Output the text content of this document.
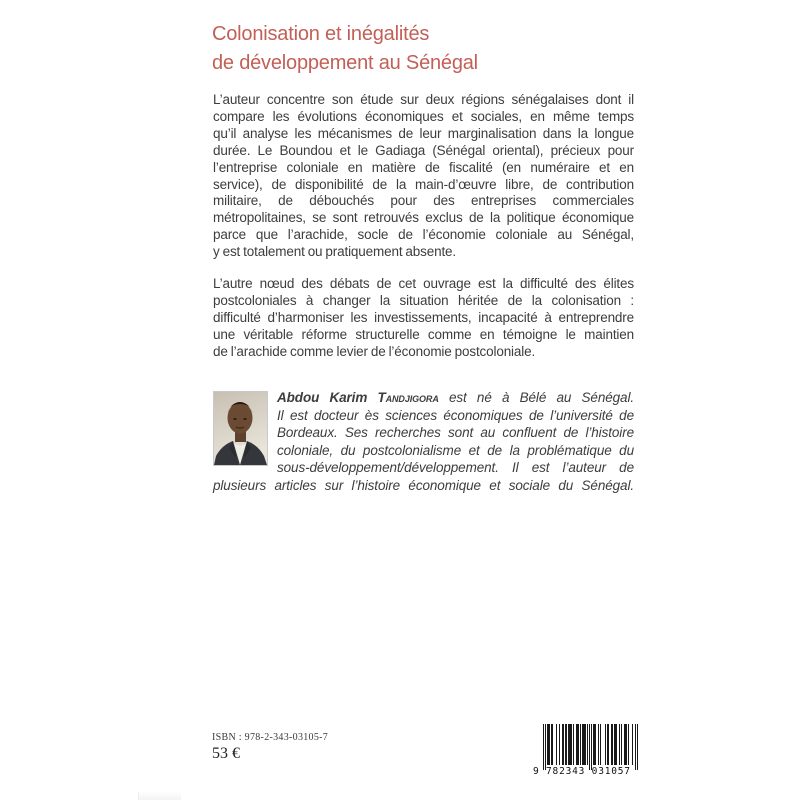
Colonisation et inégalités
de développement au Sénégal
L’auteur concentre son étude sur deux régions sénégalaises dont il
compare les évolutions économiques et sociales, en même temps
qu’il analyse les mécanismes de leur marginalisation dans la longue
durée. Le Boundou et le Gadiaga (Sénégal oriental), précieux pour
l’entreprise coloniale en matière de fiscalité (en numéraire et en
service), de disponibilité de la main-d’œuvre libre, de contribution
militaire, de débouchés pour des entreprises commerciales
métropolitaines, se sont retrouvés exclus de la politique économique
parce que l’arachide, socle de l’économie coloniale au Sénégal,
y est totalement ou pratiquement absente.
L’autre nœud des débats de cet ouvrage est la difficulté des élites
postcoloniales à changer la situation héritée de la colonisation :
difficulté d’harmoniser les investissements, incapacité à entreprendre
une véritable réforme structurelle comme en témoigne le maintien
de l’arachide comme levier de l’économie postcoloniale.
Abdou Karim Tandjigora est né à Bélé au Sénégal.
Il est docteur ès sciences économiques de l’université de
Bordeaux. Ses recherches sont au confluent de l’histoire
coloniale, du postcolonialisme et de la problématique du
sous-développement/développement. Il est l’auteur de
plusieurs articles sur l’histoire économique et sociale du Sénégal.
ISBN : 978-2-343-03105-7
53 €
9 782343 031057
